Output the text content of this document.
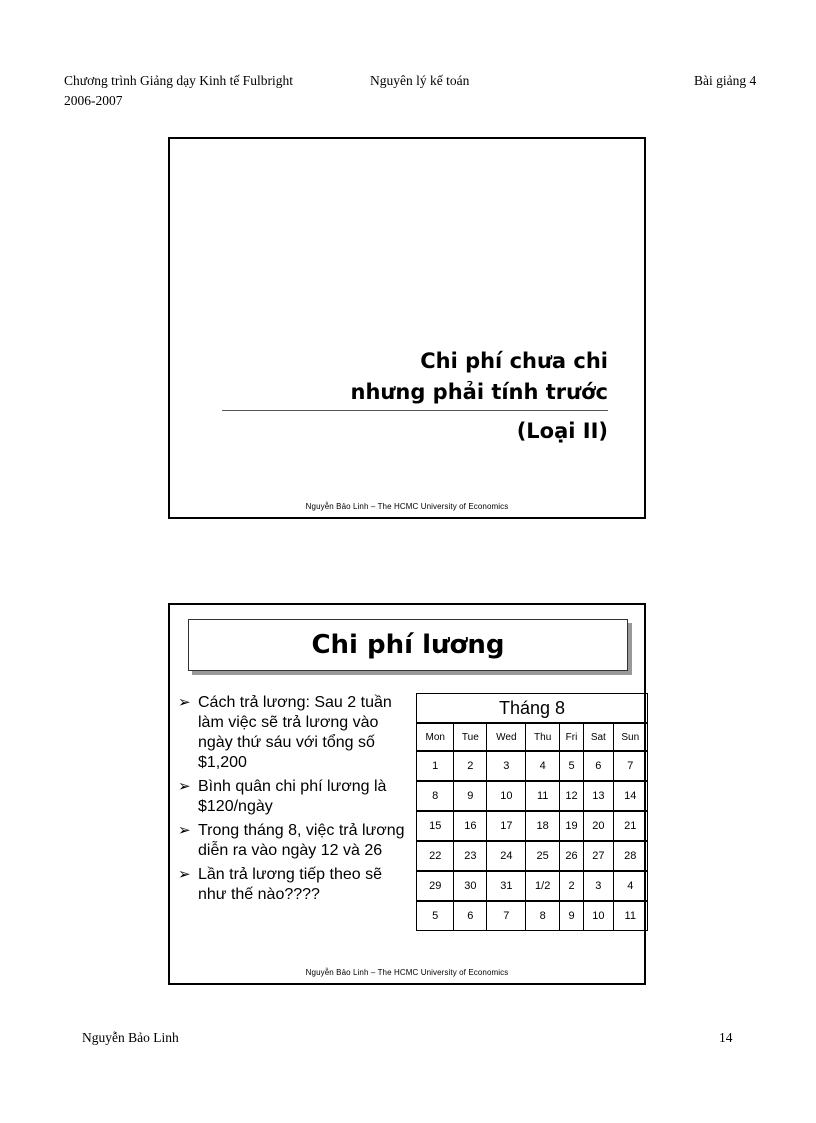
Chương trình Giảng dạy Kinh tế Fulbright
2006-2007
Nguyên lý kế toán	Bài giảng 4
Chi phí chưa chi
nhưng phải tính trước
(Loại II)
Nguyễn Bảo Linh – The HCMC University of Economics
Chi phí lương
➢ Cách trả lương: Sau 2 tuần làm việc sẽ trả lương vào ngày thứ sáu với tổng số $1,200
➢ Bình quân chi phí lương là $120/ngày
➢ Trong tháng 8, việc trả lương diễn ra vào ngày 12 và 26
➢ Lần trả lương tiếp theo sẽ như thế nào????
Tháng 8						
Mon	Tue	Wed	Thu	Fri	Sat	Sun
1	2	3	4	5	6	7
8	9	10	11	12	13	14
15	16	17	18	19	20	21
22	23	24	25	26	27	28
29	30	31	1/2	2	3	4
5	6	7	8	9	10	11
Nguyễn Bảo Linh – The HCMC University of Economics
Nguyễn Bảo Linh	14
